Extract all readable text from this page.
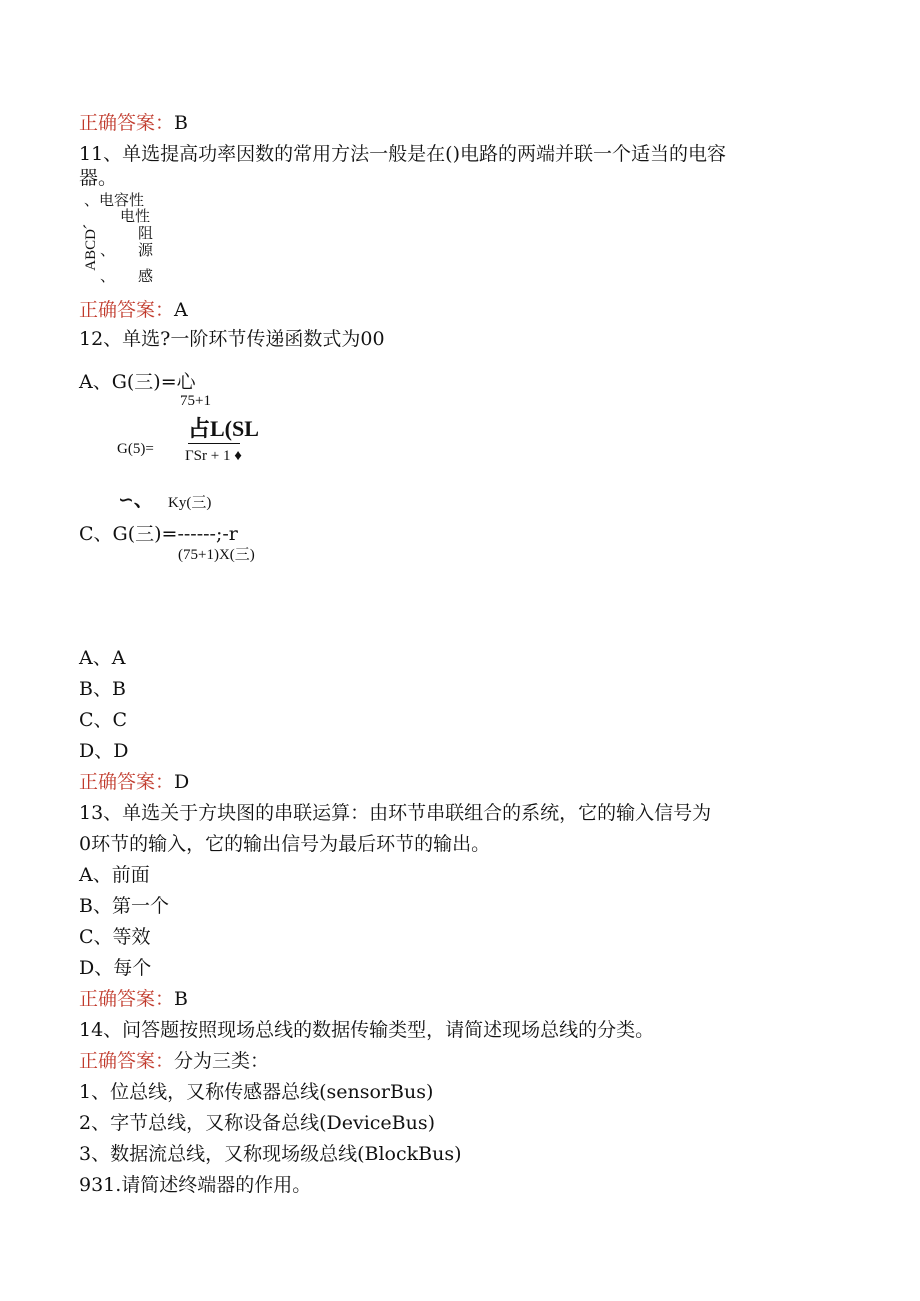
正确答案：B
11、单选提高功率因数的常用方法一般是在()电路的两端并联一个适当的电容
器。
、电容性
电性
ABCD、	阻
、 源
、 感
正确答案：A
12、单选?一阶环节传递函数式为00
A、G(三)=心
75+1
G(5)=
占L(SL
ΓSr + 1 ♦
∽、 Ky(三)
C、G(三)=------;-r
(75+1)X(三)
A、A
B、B
C、C
D、D
正确答案：D
13、单选关于方块图的串联运算：由环节串联组合的系统，它的输入信号为
0环节的输入，它的输出信号为最后环节的输出。
A、前面
B、第一个
C、等效
D、每个
正确答案：B
14、问答题按照现场总线的数据传输类型，请简述现场总线的分类。
正确答案：分为三类：
1、位总线，又称传感器总线(sensorBus)
2、字节总线，又称设备总线(DeviceBus)
3、数据流总线，又称现场级总线(BlockBus)
931.请简述终端器的作用。
